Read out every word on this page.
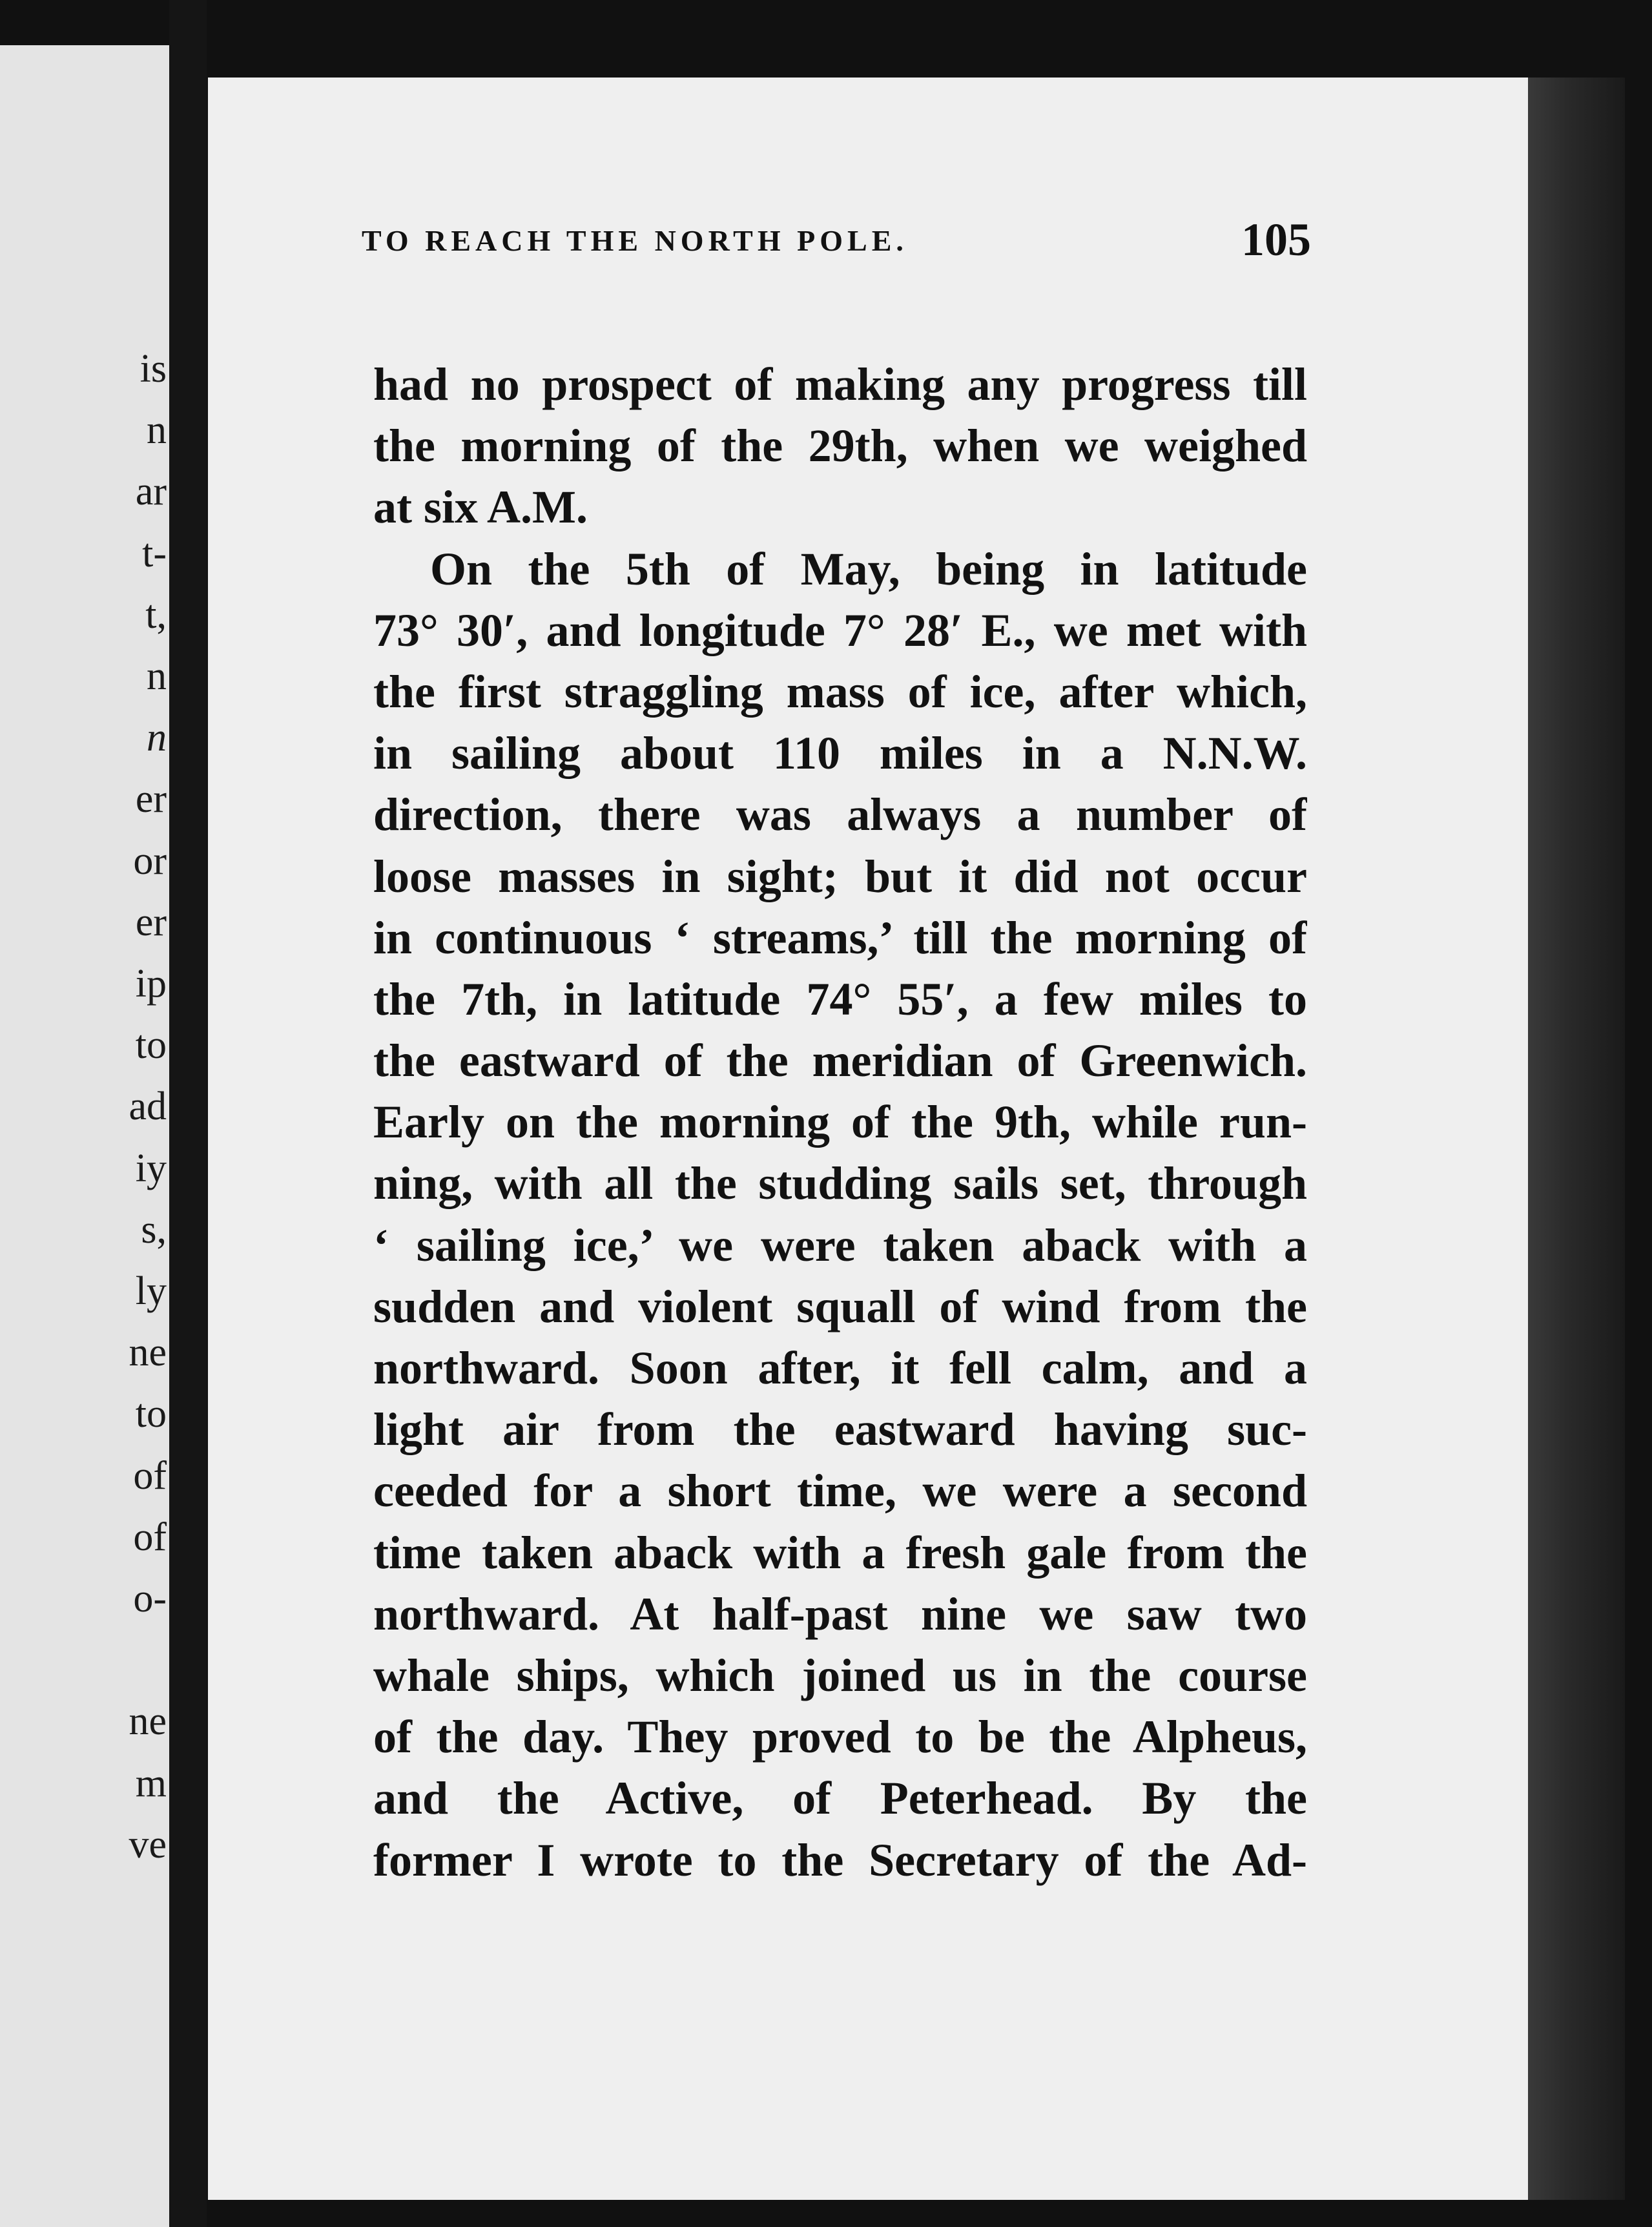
is
n
ar
t-
t,
n
n
er
or
er
ip
to
ad
iy
s,
ly
ne
to
of
of
o-
ne
m
ve
TO REACH THE NORTH POLE.	105
had no prospect of making any progress till
the morning of the 29th, when we weighed
at six A.M.
On the 5th of May, being in latitude
73° 30′, and longitude 7° 28′ E., we met with
the first straggling mass of ice, after which,
in sailing about 110 miles in a N.N.W.
direction, there was always a number of
loose masses in sight; but it did not occur
in continuous ‘ streams,’ till the morning of
the 7th, in latitude 74° 55′, a few miles to
the eastward of the meridian of Greenwich.
Early on the morning of the 9th, while run-
ning, with all the studding sails set, through
‘ sailing ice,’ we were taken aback with a
sudden and violent squall of wind from the
northward. Soon after, it fell calm, and a
light air from the eastward having suc-
ceeded for a short time, we were a second
time taken aback with a fresh gale from the
northward. At half-past nine we saw two
whale ships, which joined us in the course
of the day. They proved to be the Alpheus,
and the Active, of Peterhead. By the
former I wrote to the Secretary of the Ad-
